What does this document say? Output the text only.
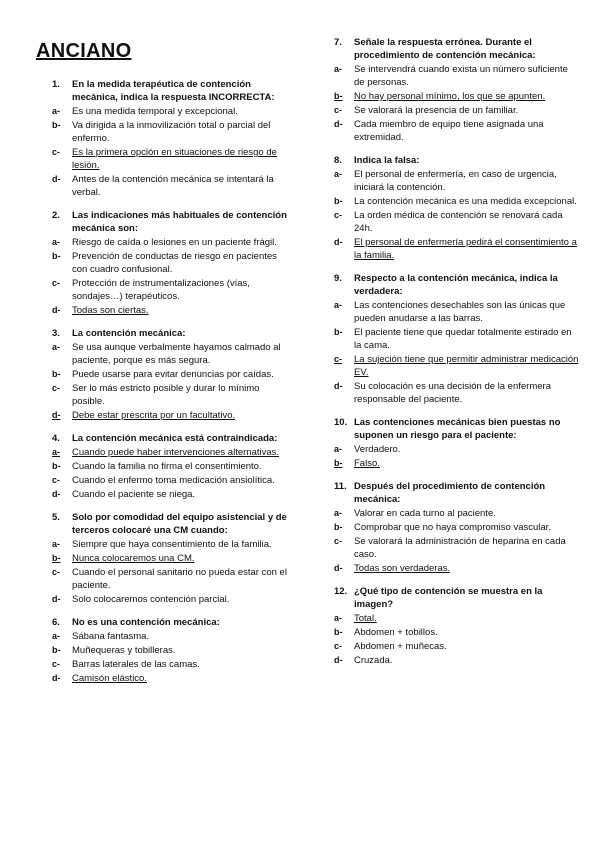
ANCIANO
1.	En la medida terapéutica de contención mecánica, indica la respuesta INCORRECTA:
a-	Es una medida temporal y excepcional.
b-	Va dirigida a la inmovilización total o parcial del enfermo.
c-	Es la primera opción en situaciones de riesgo de lesión.
d-	Antes de la contención mecánica se intentará la verbal.
2.	Las indicaciones más habituales de contención mecánica son:
a-	Riesgo de caída o lesiones en un paciente frágil.
b-	Prevención de conductas de riesgo en pacientes con cuadro confusional.
c-	Protección de instrumentalizaciones (vías, sondajes…) terapéuticos.
d-	Todas son ciertas.
3.	La contención mecánica:
a-	Se usa aunque verbalmente hayamos calmado al paciente, porque es más segura.
b-	Puede usarse para evitar denuncias por caídas.
c-	Ser lo más estricto posible y durar lo mínimo posible.
d-	Debe estar prescrita por un facultativo.
4.	La contención mecánica está contraindicada:
a-	Cuando puede haber intervenciones alternativas.
b-	Cuando la familia no firma el consentimiento.
c-	Cuando el enfermo toma medicación ansiolítica.
d-	Cuando el paciente se niega.
5.	Solo por comodidad del equipo asistencial y de terceros colocaré una CM cuando:
a-	Siempre que haya consentimiento de la familia.
b-	Nunca colocaremos una CM.
c-	Cuando el personal sanitario no pueda estar con el paciente.
d-	Solo colocaremos contención parcial.
6.	No es una contención mecánica:
a-	Sábana fantasma.
b-	Muñequeras y tobilleras.
c-	Barras laterales de las camas.
d-	Camisón elástico.
7.	Señale la respuesta errónea. Durante el procedimiento de contención mecánica:
a-	Se intervendrá cuando exista un número suficiente de personas.
b-	No hay personal mínimo, los que se apunten.
c-	Se valorará la presencia de un familiar.
d-	Cada miembro de equipo tiene asignada una extremidad.
8.	Indica la falsa:
a-	El personal de enfermería, en caso de urgencia, iniciará la contención.
b-	La contención mecánica es una medida excepcional.
c-	La orden médica de contención se renovará cada 24h.
d-	El personal de enfermería pedirá el consentimiento a la familia.
9.	Respecto a la contención mecánica, indica la verdadera:
a-	Las contenciones desechables son las únicas que pueden anudarse a las barras.
b-	El paciente tiene que quedar totalmente estirado en la cama.
c-	La sujeción tiene que permitir administrar medicación EV.
d-	Su colocación es una decisión de la enfermera responsable del paciente.
10. Las contenciones mecánicas bien puestas no suponen un riesgo para el paciente:
a-	Verdadero.
b-	Falso.
11. Después del procedimiento de contención mecánica:
a-	Valorar en cada turno al paciente.
b-	Comprobar que no haya compromiso vascular.
c-	Se valorará la administración de heparina en cada caso.
d-	Todas son verdaderas.
12. ¿Qué tipo de contención se muestra en la imagen?
a-	Total.
b-	Abdomen + tobillos.
c-	Abdomen + muñecas.
d-	Cruzada.
